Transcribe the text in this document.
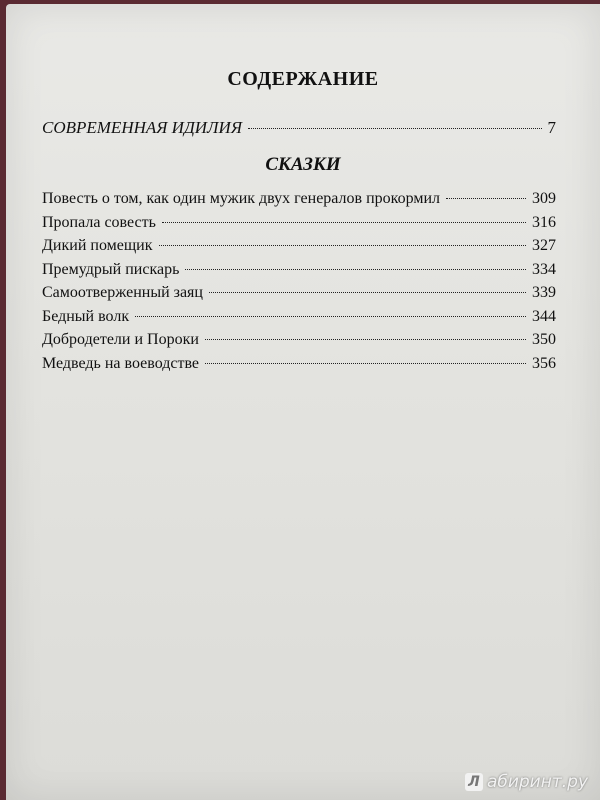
СОДЕРЖАНИЕ
СОВРЕМЕННАЯ ИДИЛИЯ	7
СКАЗКИ
Повесть о том, как один мужик двух генералов прокормил	309
Пропала совесть	316
Дикий помещик	327
Премудрый пискарь	334
Самоотверженный заяц	339
Бедный волк	344
Добродетели и Пороки	350
Медведь на воеводстве	356
Л абиринт.ру
